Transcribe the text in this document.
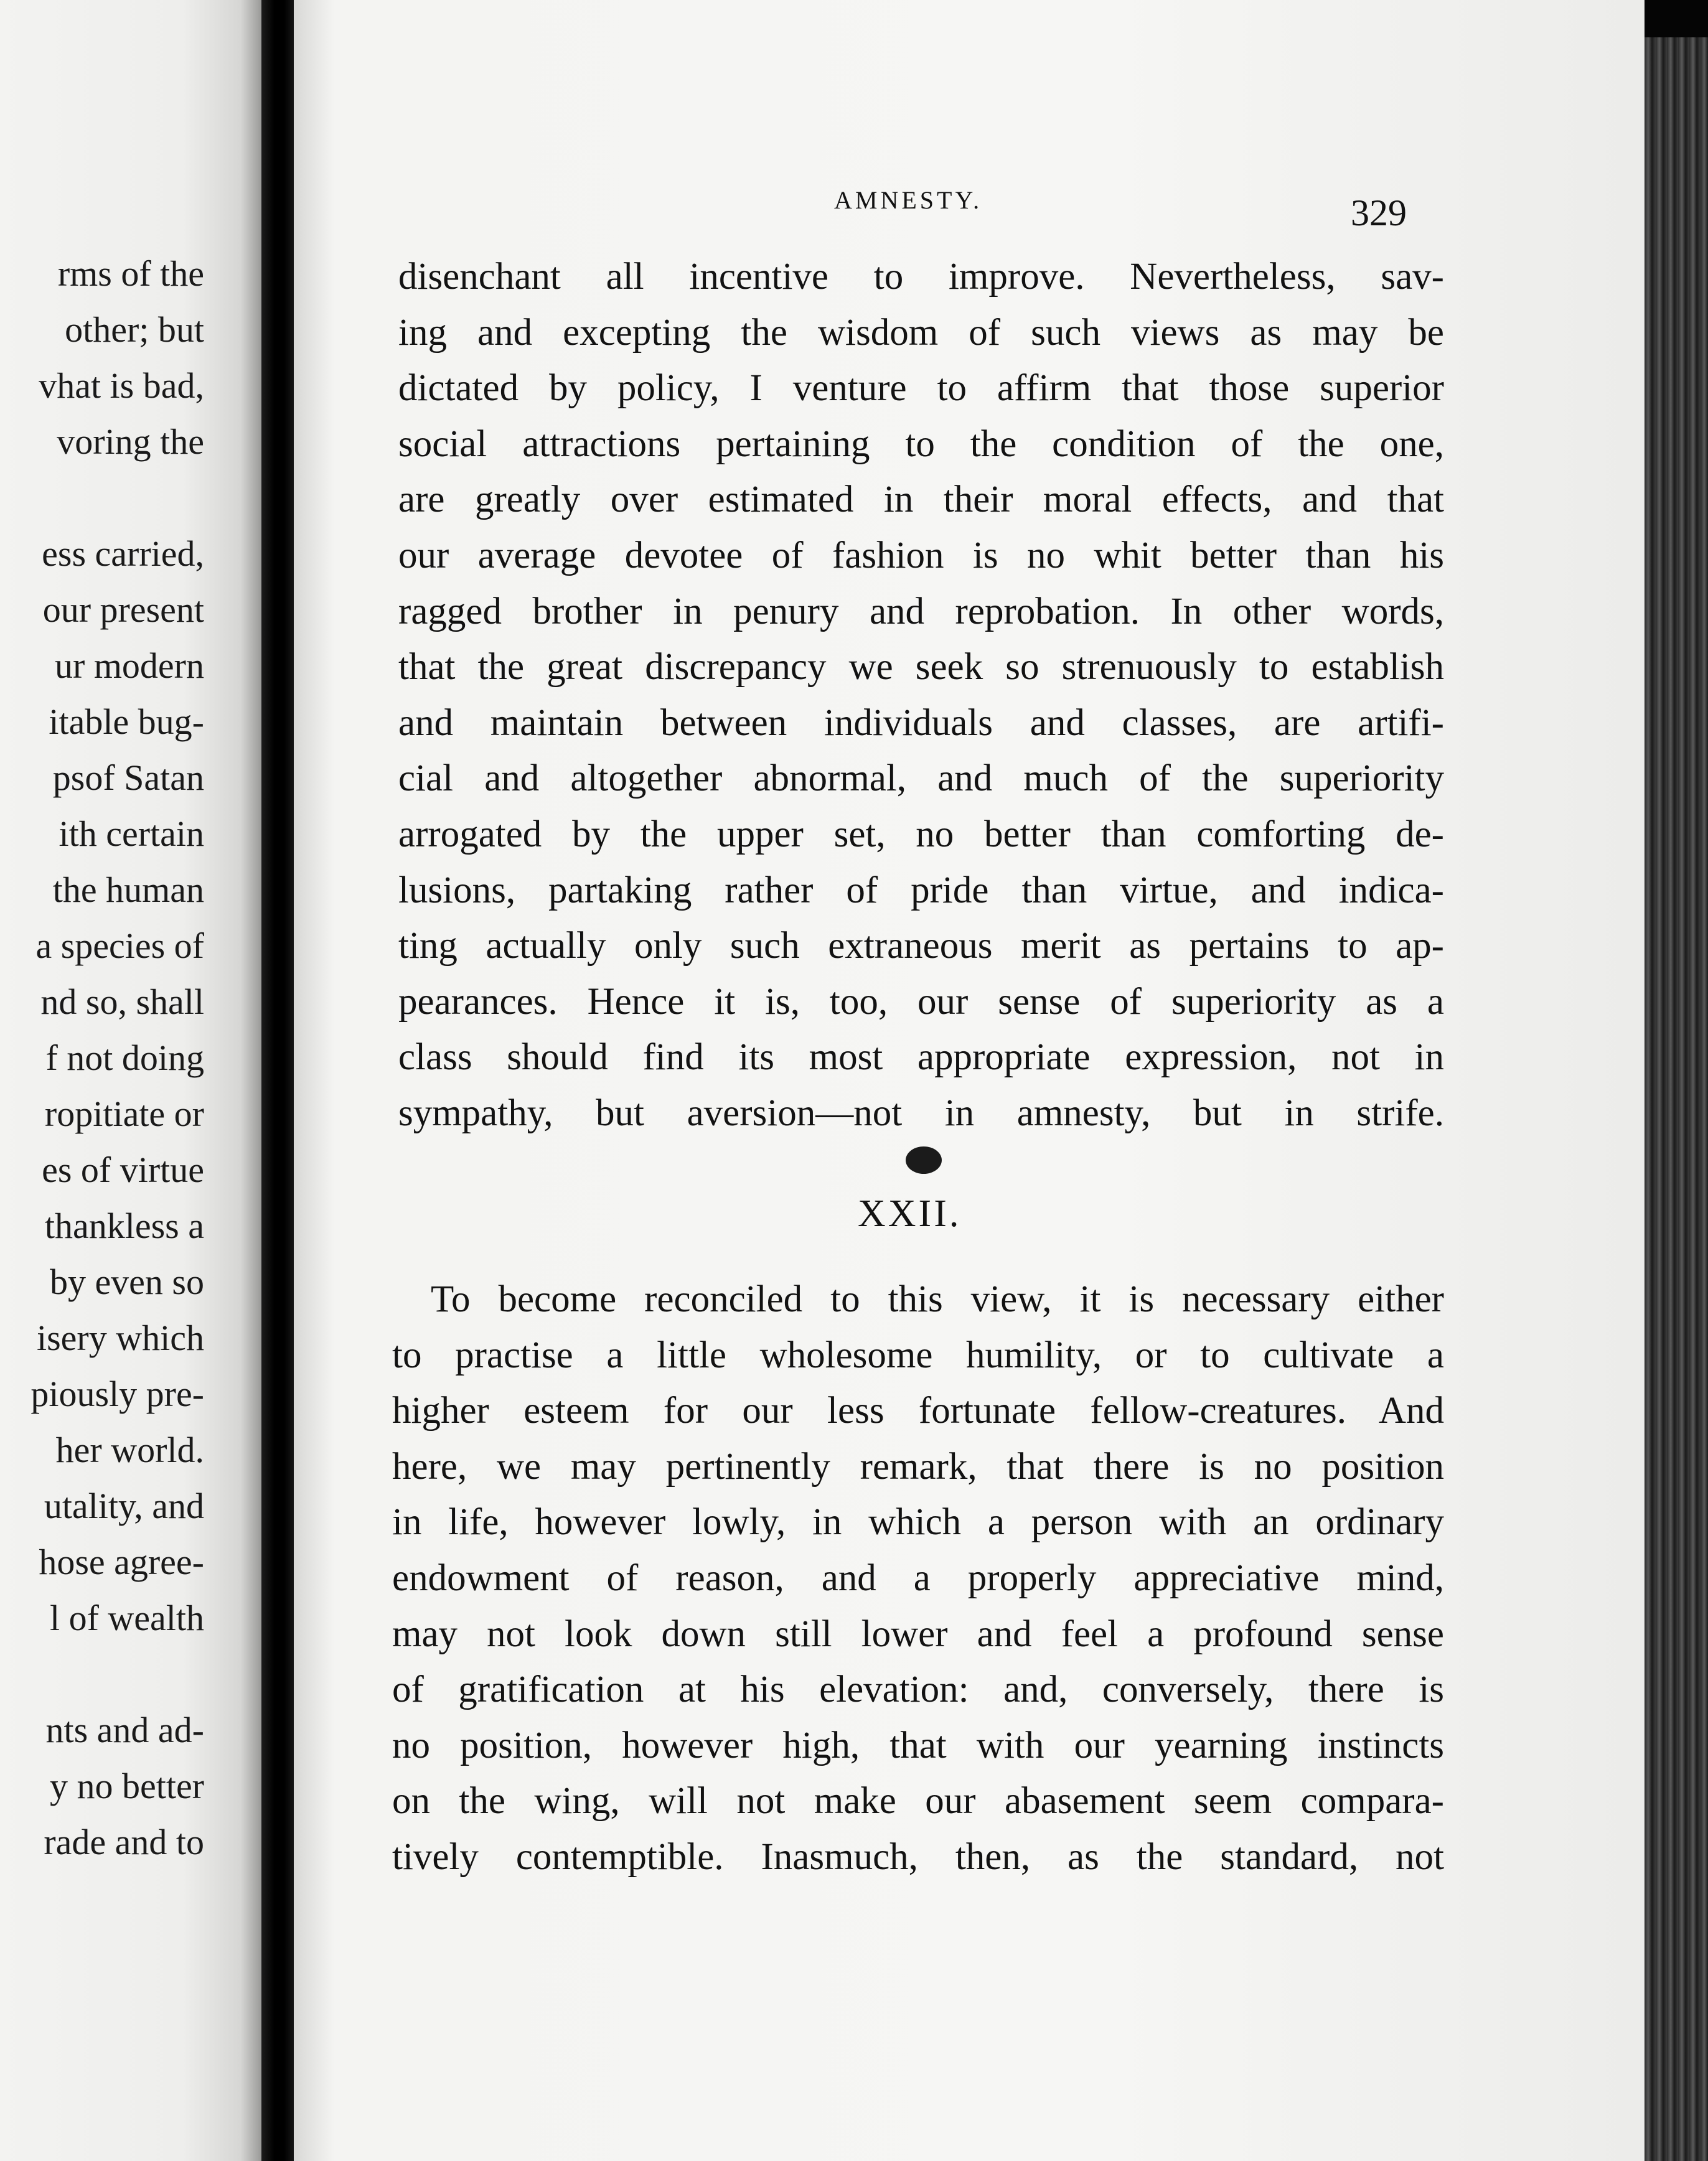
rms of the
other; but
vhat is bad,
voring the
ess carried,
our present
ur modern
itable bug-
psof Satan
ith certain
the human
a species of
nd so, shall
f not doing
ropitiate or
es of virtue
thankless a
by even so
isery which
piously pre-
her world.
utality, and
hose agree-
l of wealth
nts and ad-
y no better
rade and to
AMNESTY.	329
disenchant all incentive to improve. Nevertheless, sav-
ing and excepting the wisdom of such views as may be
dictated by policy, I venture to affirm that those superior
social attractions pertaining to the condition of the one,
are greatly over estimated in their moral effects, and that
our average devotee of fashion is no whit better than his
ragged brother in penury and reprobation. In other words,
that the great discrepancy we seek so strenuously to establish
and maintain between individuals and classes, are artifi-
cial and altogether abnormal, and much of the superiority
arrogated by the upper set, no better than comforting de-
lusions, partaking rather of pride than virtue, and indica-
ting actually only such extraneous merit as pertains to ap-
pearances. Hence it is, too, our sense of superiority as a
class should find its most appropriate expression, not in
sympathy, but aversion—not in amnesty, but in strife.
XXII.
To become reconciled to this view, it is necessary either
to practise a little wholesome humility, or to cultivate a
higher esteem for our less fortunate fellow-creatures. And
here, we may pertinently remark, that there is no position
in life, however lowly, in which a person with an ordinary
endowment of reason, and a properly appreciative mind,
may not look down still lower and feel a profound sense
of gratification at his elevation: and, conversely, there is
no position, however high, that with our yearning instincts
on the wing, will not make our abasement seem compara-
tively contemptible. Inasmuch, then, as the standard, not
